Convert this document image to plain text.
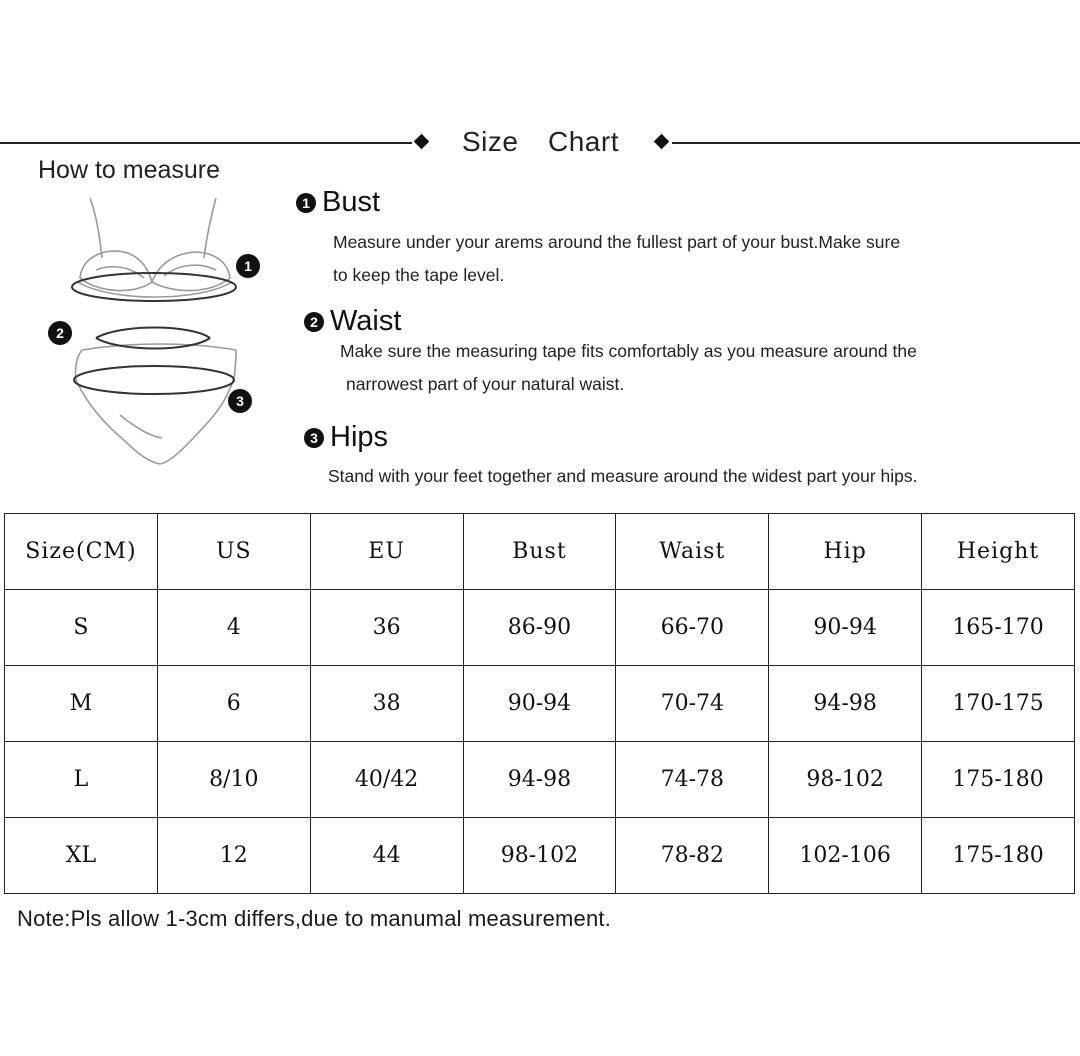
Size Chart
How to measure
1
2
3
1 Bust
Measure under your arems around the fullest part of your bust.Make sure
to keep the tape level.
2 Waist
Make sure the measuring tape fits comfortably as you measure around the
narrowest part of your natural waist.
3 Hips
Stand with your feet together and measure around the widest part your hips.
Size(CM)	US	EU	Bust	Waist	Hip	Height
S	4	36	86-90	66-70	90-94	165-170
M	6	38	90-94	70-74	94-98	170-175
L	8/10	40/42	94-98	74-78	98-102	175-180
XL	12	44	98-102	78-82	102-106	175-180
Note:Pls allow 1-3cm differs,due to manumal measurement.
